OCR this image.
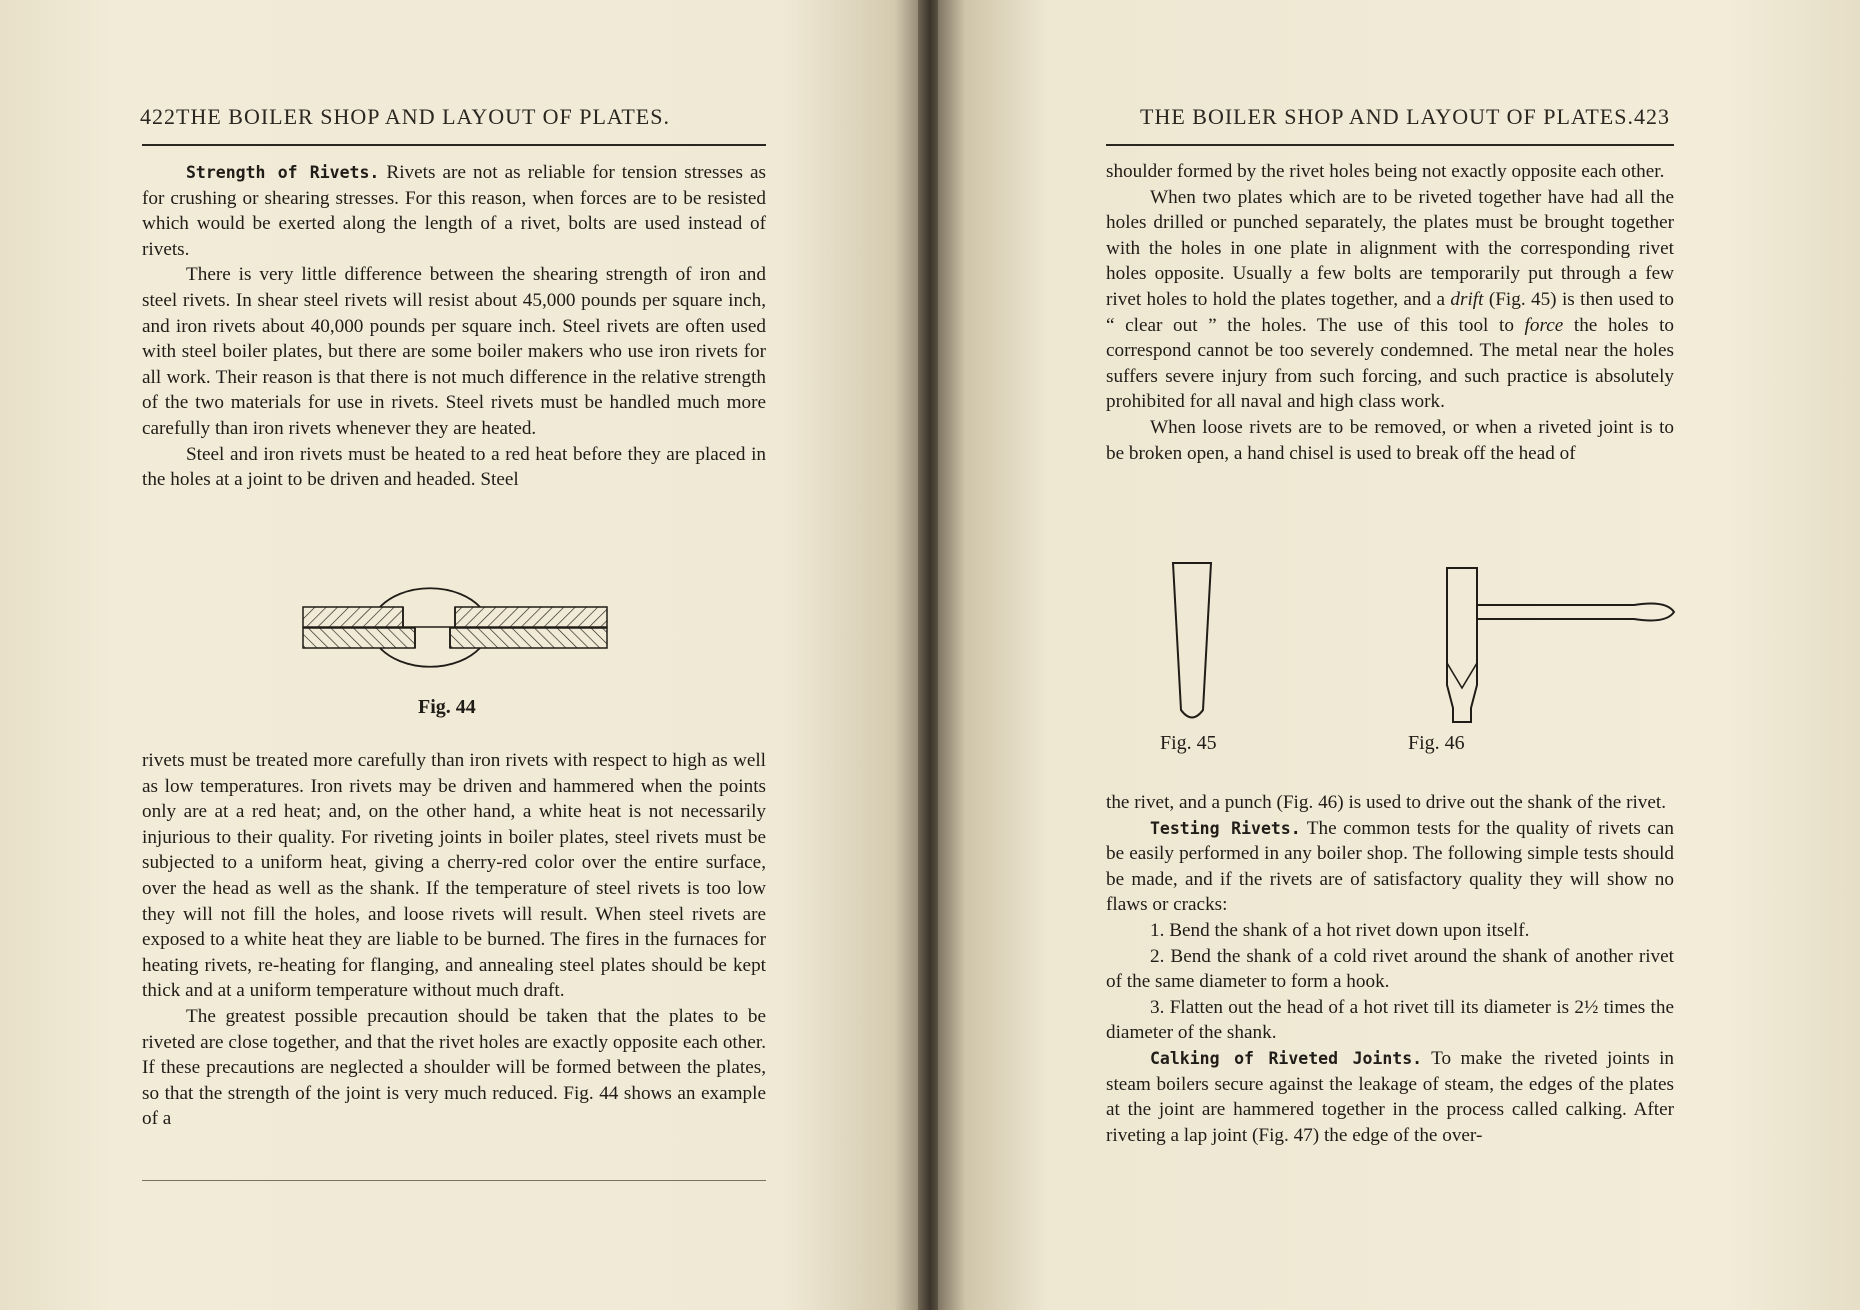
422THE BOILER SHOP AND LAYOUT OF PLATES.

Strength of Rivets. Rivets are not as reliable for tension stresses as for crushing or shearing stresses. For this reason, when forces are to be resisted which would be exerted along the length of a rivet, bolts are used instead of rivets.

There is very little difference between the shearing strength of iron and steel rivets. In shear steel rivets will resist about 45,000 pounds per square inch, and iron rivets about 40,000 pounds per square inch. Steel rivets are often used with steel boiler plates, but there are some boiler makers who use iron rivets for all work. Their reason is that there is not much difference in the relative strength of the two materials for use in rivets. Steel rivets must be handled much more carefully than iron rivets whenever they are heated.

Steel and iron rivets must be heated to a red heat before they are placed in the holes at a joint to be driven and headed. Steel

Fig. 44

rivets must be treated more carefully than iron rivets with respect to high as well as low temperatures. Iron rivets may be driven and hammered when the points only are at a red heat; and, on the other hand, a white heat is not necessarily injurious to their quality. For riveting joints in boiler plates, steel rivets must be subjected to a uniform heat, giving a cherry-red color over the entire surface, over the head as well as the shank. If the temperature of steel rivets is too low they will not fill the holes, and loose rivets will result. When steel rivets are exposed to a white heat they are liable to be burned. The fires in the furnaces for heating rivets, re-heating for flanging, and annealing steel plates should be kept thick and at a uniform temperature without much draft.

The greatest possible precaution should be taken that the plates to be riveted are close together, and that the rivet holes are exactly opposite each other. If these precautions are neglected a shoulder will be formed between the plates, so that the strength of the joint is very much reduced. Fig. 44 shows an example of a

THE BOILER SHOP AND LAYOUT OF PLATES.423

shoulder formed by the rivet holes being not exactly opposite each other.

When two plates which are to be riveted together have had all the holes drilled or punched separately, the plates must be brought together with the holes in one plate in alignment with the corresponding rivet holes opposite. Usually a few bolts are temporarily put through a few rivet holes to hold the plates together, and a drift (Fig. 45) is then used to “ clear out ” the holes. The use of this tool to force the holes to correspond cannot be too severely condemned. The metal near the holes suffers severe injury from such forcing, and such practice is absolutely prohibited for all naval and high class work.

When loose rivets are to be removed, or when a riveted joint is to be broken open, a hand chisel is used to break off the head of

Fig. 45	Fig. 46

the rivet, and a punch (Fig. 46) is used to drive out the shank of the rivet.

Testing Rivets. The common tests for the quality of rivets can be easily performed in any boiler shop. The following simple tests should be made, and if the rivets are of satisfactory quality they will show no flaws or cracks:

1. Bend the shank of a hot rivet down upon itself.

2. Bend the shank of a cold rivet around the shank of another rivet of the same diameter to form a hook.

3. Flatten out the head of a hot rivet till its diameter is 2½ times the diameter of the shank.

Calking of Riveted Joints. To make the riveted joints in steam boilers secure against the leakage of steam, the edges of the plates at the joint are hammered together in the process called calking. After riveting a lap joint (Fig. 47) the edge of the over-
